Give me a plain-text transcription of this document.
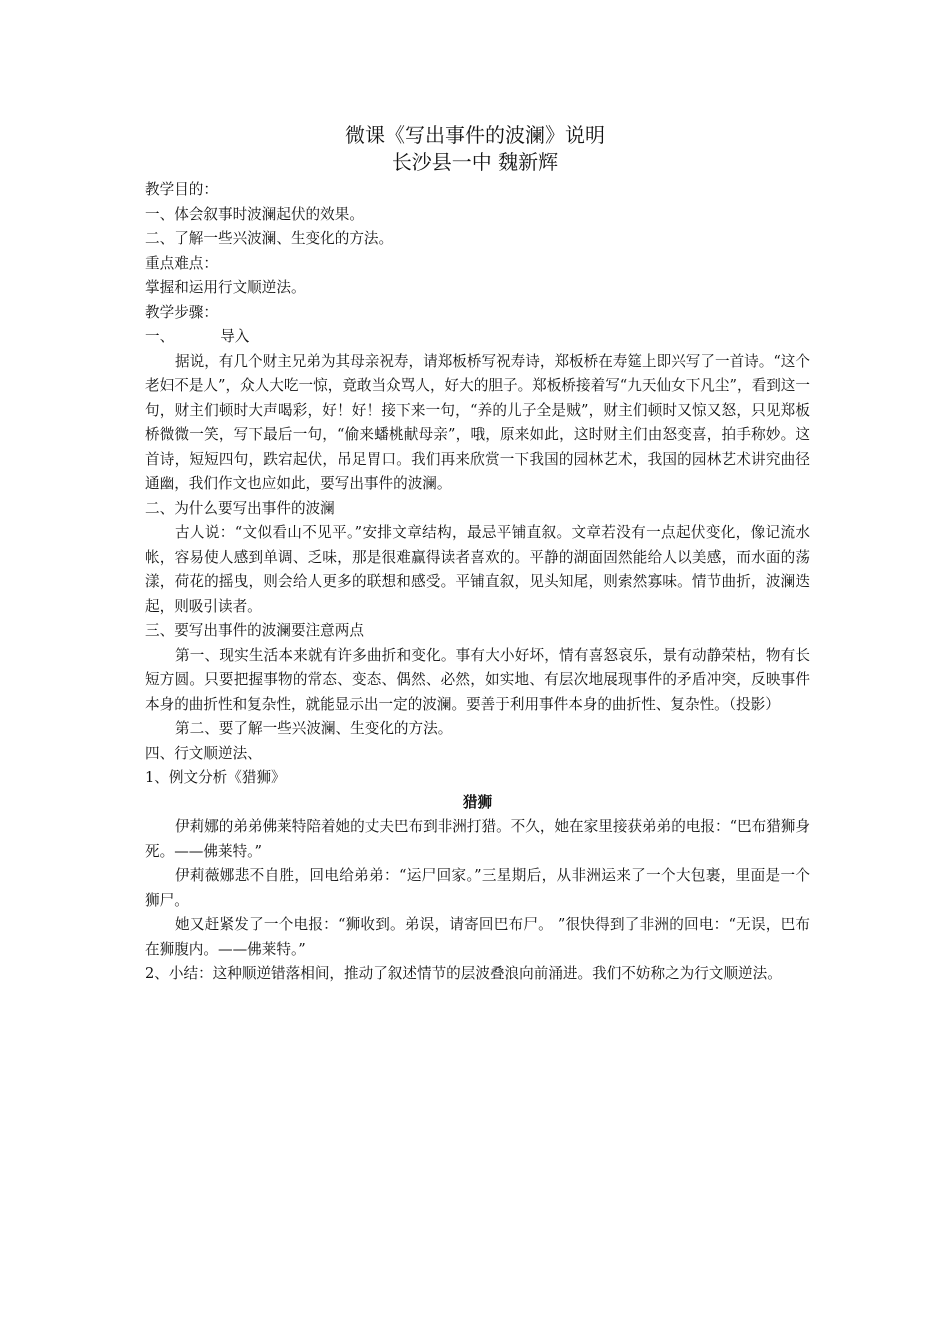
微课《写出事件的波澜》说明
长沙县一中 魏新辉
教学目的：
一、体会叙事时波澜起伏的效果。
二、了解一些兴波澜、生变化的方法。
重点难点：
掌握和运用行文顺逆法。
教学步骤：
一、	导入
据说，有几个财主兄弟为其母亲祝寿，请郑板桥写祝寿诗，郑板桥在寿筵上即兴写了一首诗。“这个老妇不是人”，众人大吃一惊，竟敢当众骂人，好大的胆子。郑板桥接着写“九天仙女下凡尘”，看到这一句，财主们顿时大声喝彩，好！好！接下来一句，“养的儿子全是贼”，财主们顿时又惊又怒，只见郑板桥微微一笑，写下最后一句，“偷来蟠桃献母亲”，哦，原来如此，这时财主们由怒变喜，拍手称妙。这首诗，短短四句，跌宕起伏，吊足胃口。我们再来欣赏一下我国的园林艺术，我国的园林艺术讲究曲径通幽，我们作文也应如此，要写出事件的波澜。
二、为什么要写出事件的波澜
古人说：“文似看山不见平。”安排文章结构，最忌平铺直叙。文章若没有一点起伏变化，像记流水帐，容易使人感到单调、乏味，那是很难赢得读者喜欢的。平静的湖面固然能给人以美感，而水面的荡漾，荷花的摇曳，则会给人更多的联想和感受。平铺直叙，见头知尾，则索然寡味。情节曲折，波澜迭起，则吸引读者。
三、要写出事件的波澜要注意两点
第一、现实生活本来就有许多曲折和变化。事有大小好坏，情有喜怒哀乐，景有动静荣枯，物有长短方圆。只要把握事物的常态、变态、偶然、必然，如实地、有层次地展现事件的矛盾冲突，反映事件本身的曲折性和复杂性，就能显示出一定的波澜。要善于利用事件本身的曲折性、复杂性。（投影）
第二、要了解一些兴波澜、生变化的方法。
四、行文顺逆法、
1、例文分析《猎狮》
猎狮
伊莉娜的弟弟佛莱特陪着她的丈夫巴布到非洲打猎。不久，她在家里接获弟弟的电报：“巴布猎狮身死。——佛莱特。”
伊莉薇娜悲不自胜，回电给弟弟：“运尸回家。”三星期后，从非洲运来了一个大包裹，里面是一个狮尸。
她又赶紧发了一个电报：“狮收到。弟误，请寄回巴布尸。 ”很快得到了非洲的回电：“无误，巴布在狮腹内。——佛莱特。”
2、小结：这种顺逆错落相间，推动了叙述情节的层波叠浪向前涌进。我们不妨称之为行文顺逆法。
